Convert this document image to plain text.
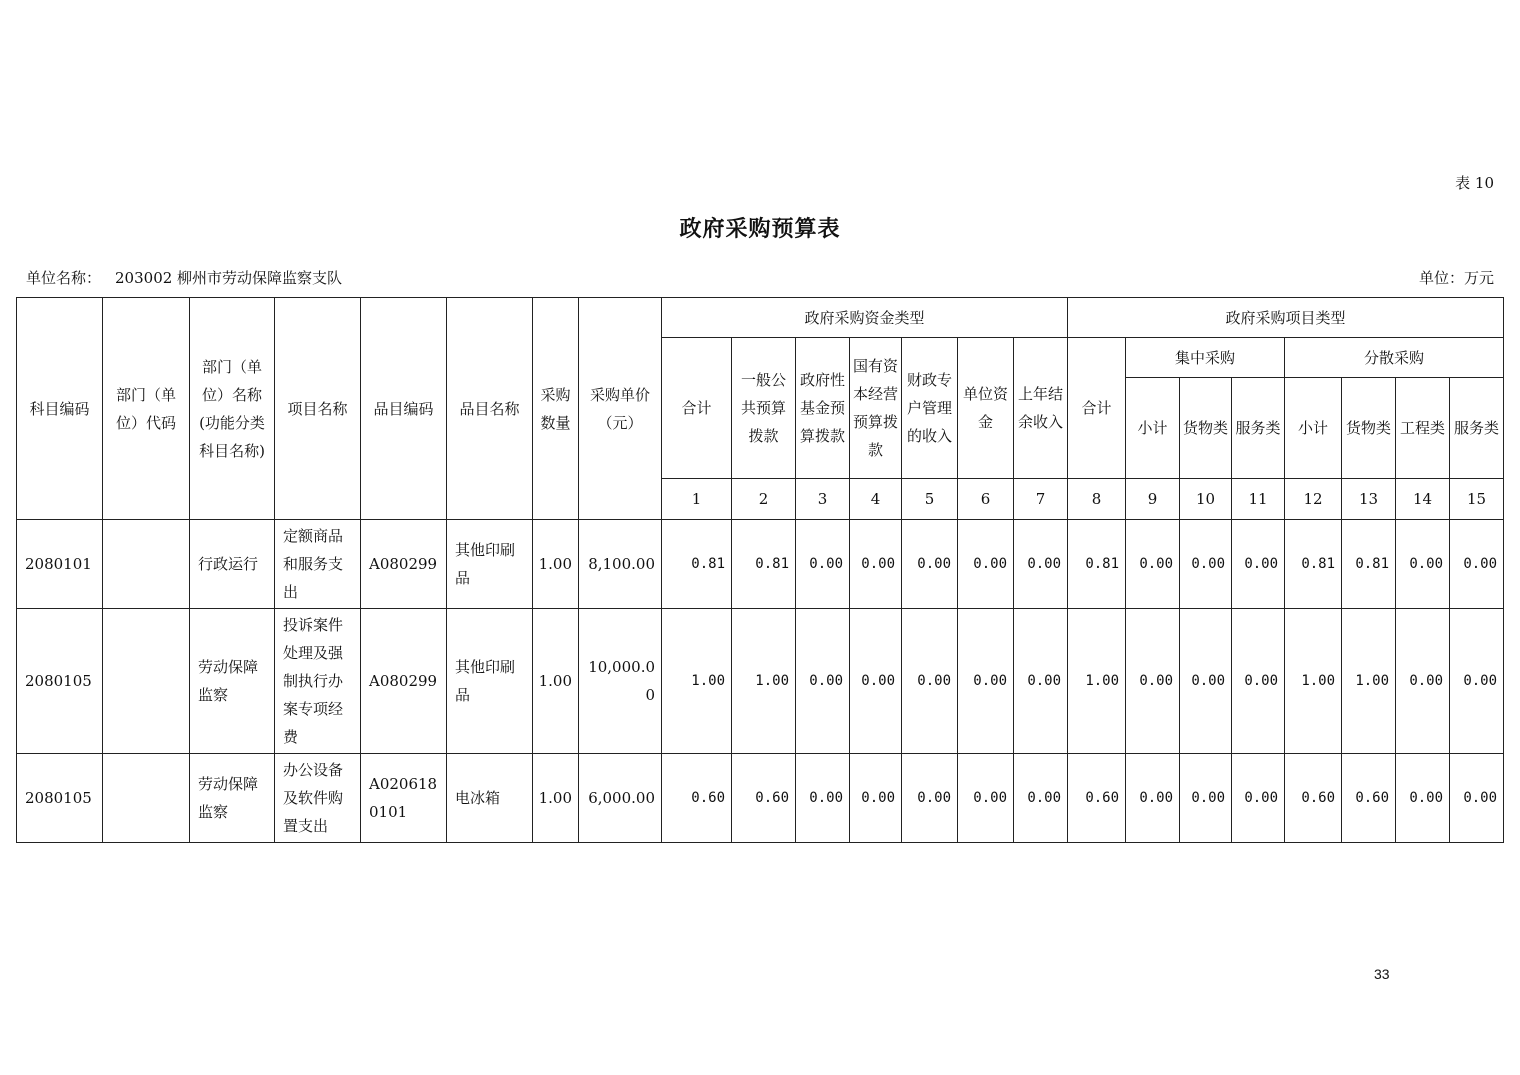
表 10
政府采购预算表
单位名称： 203002 柳州市劳动保障监察支队	单位：万元
科目编码	部门（单位）代码	部门（单位）名称(功能分类科目名称)	项目名称	品目编码	品目名称	采购数量	采购单价（元）	政府采购资金类型							政府采购项目类型							
								合计	一般公共预算拨款	政府性基金预算拨款	国有资本经营预算拨款	财政专户管理的收入	单位资金	上年结余收入	合计	集中采购			分散采购			
																小计	货物类	服务类	小计	货物类	工程类	服务类
								1	2	3	4	5	6	7	8	9	10	11	12	13	14	15
2080101		行政运行	定额商品和服务支出	A080299	其他印刷品	1.00	8,100.00	0.81	0.81	0.00	0.00	0.00	0.00	0.00	0.81	0.00	0.00	0.00	0.81	0.81	0.00	0.00
2080105		劳动保障监察	投诉案件处理及强制执行办案专项经费	A080299	其他印刷品	1.00	10,000.00	1.00	1.00	0.00	0.00	0.00	0.00	0.00	1.00	0.00	0.00	0.00	1.00	1.00	0.00	0.00
2080105		劳动保障监察	办公设备及软件购置支出	A0206180101	电冰箱	1.00	6,000.00	0.60	0.60	0.00	0.00	0.00	0.00	0.00	0.60	0.00	0.00	0.00	0.60	0.60	0.00	0.00
33
